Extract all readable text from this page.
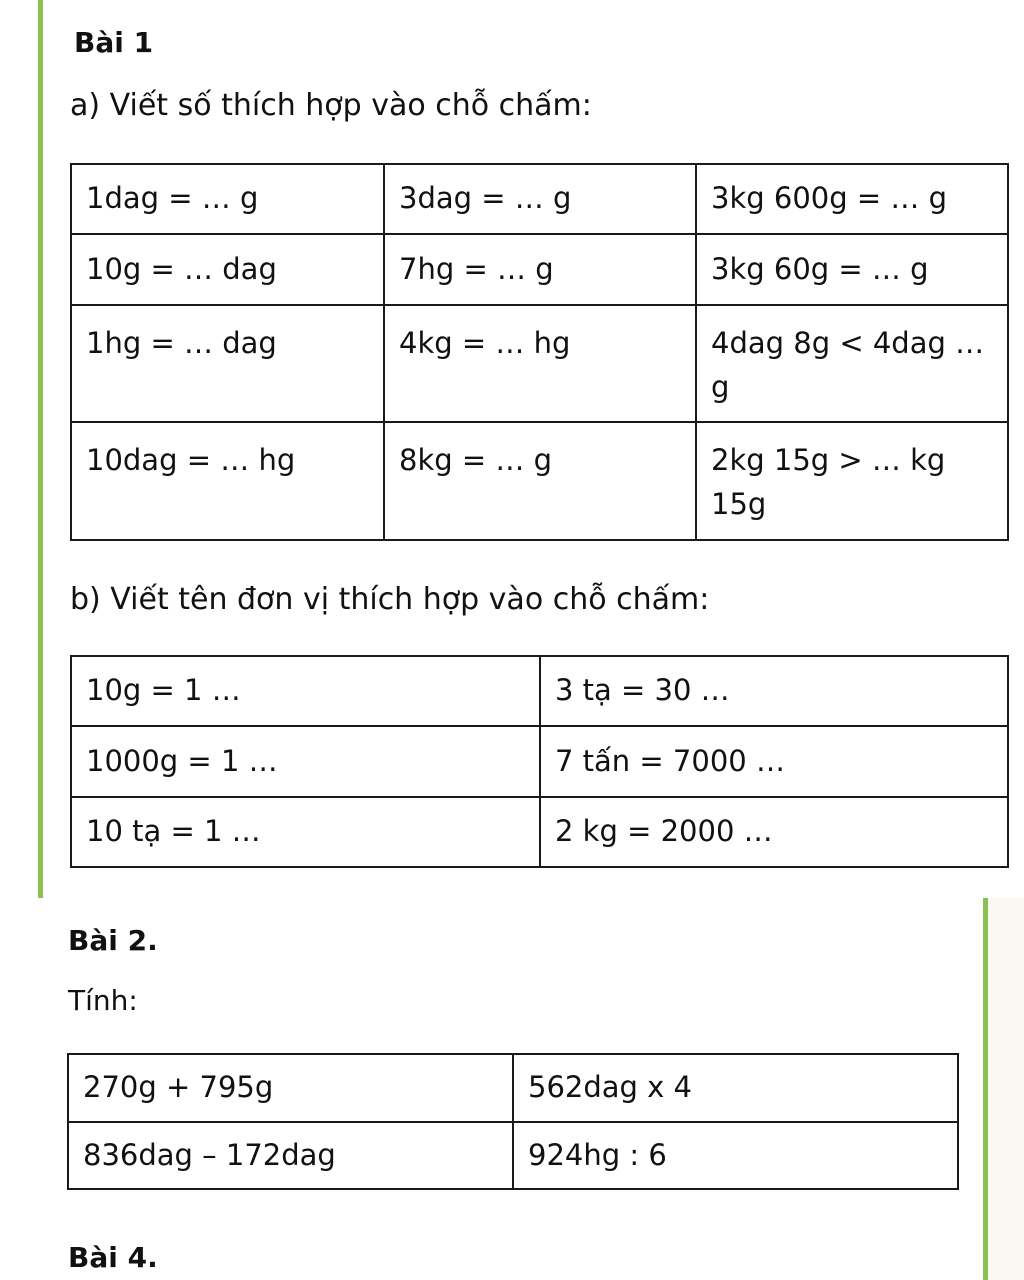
Bài 1
a) Viết số thích hợp vào chỗ chấm:
1dag = … g	3dag = … g	3kg 600g = … g
10g = … dag	7hg = … g	3kg 60g = … g
1hg = … dag	4kg = … hg	4dag 8g < 4dag … g
10dag = … hg	8kg = … g	2kg 15g > … kg 15g
b) Viết tên đơn vị thích hợp vào chỗ chấm:
10g = 1 …	3 tạ = 30 …
1000g = 1 …	7 tấn = 7000 …
10 tạ = 1 …	2 kg = 2000 …
Bài 2.
Tính:
270g + 795g	562dag x 4
836dag – 172dag	924hg : 6
Bài 4.
